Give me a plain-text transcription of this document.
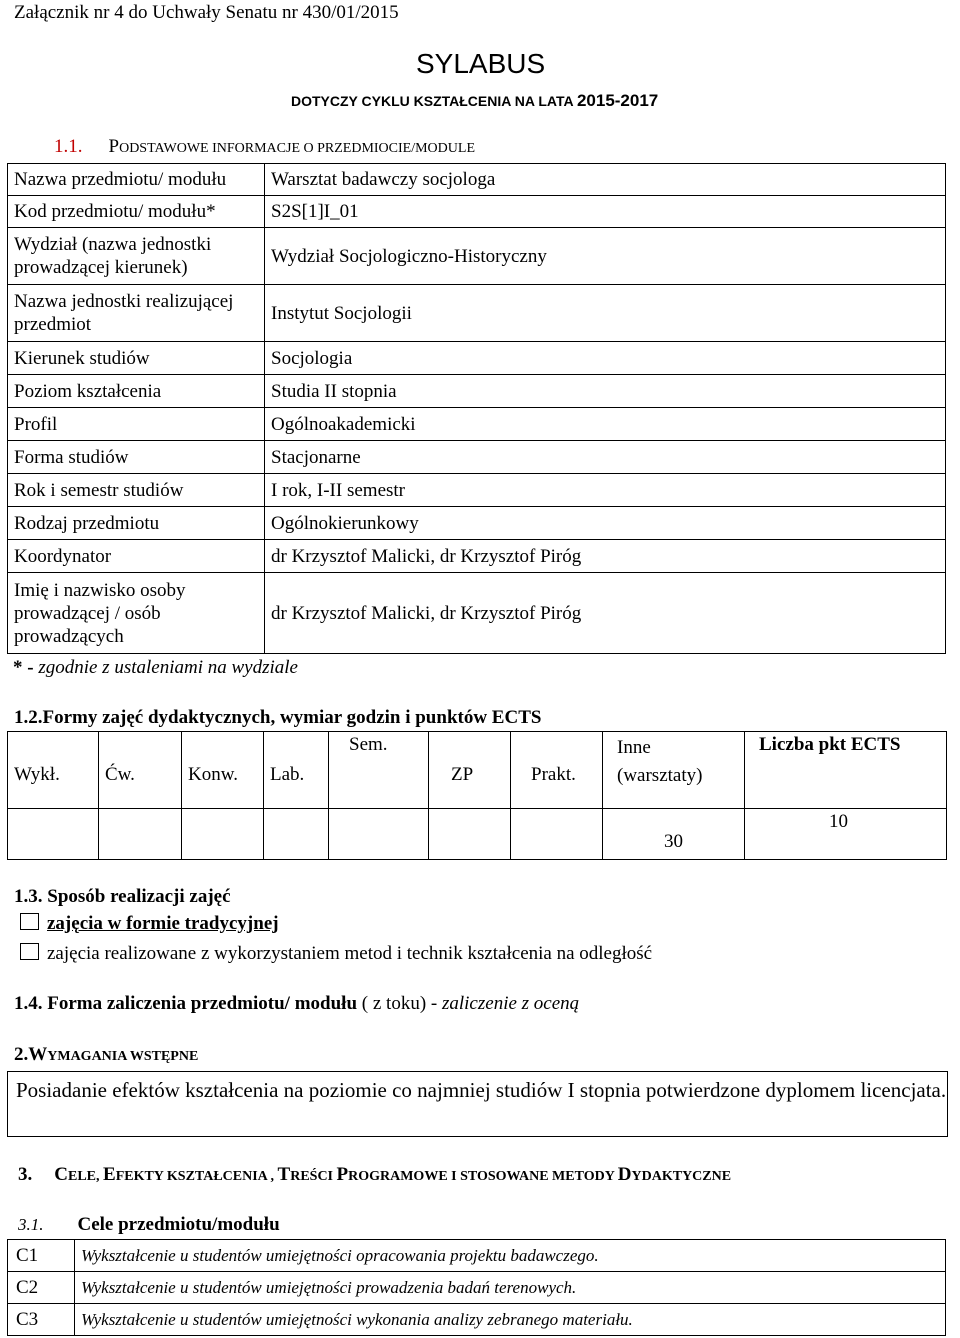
Załącznik nr 4 do Uchwały Senatu nr 430/01/2015
SYLABUS
DOTYCZY CYKLU KSZTAŁCENIA NA LATA 2015-2017
1.1. PODSTAWOWE INFORMACJE O PRZEDMIOCIE/MODULE
Nazwa przedmiotu/ modułu	Warsztat badawczy socjologa
Kod przedmiotu/ modułu*	S2S[1]I_01
Wydział (nazwa jednostki prowadzącej kierunek)	Wydział Socjologiczno-Historyczny
Nazwa jednostki realizującej przedmiot	Instytut Socjologii
Kierunek studiów	Socjologia
Poziom kształcenia	Studia II stopnia
Profil	Ogólnoakademicki
Forma studiów	Stacjonarne
Rok i semestr studiów	I rok, I-II semestr
Rodzaj przedmiotu	Ogólnokierunkowy
Koordynator	dr Krzysztof Malicki, dr Krzysztof Piróg
Imię i nazwisko osoby prowadzącej / osób prowadzących	dr Krzysztof Malicki, dr Krzysztof Piróg
* - zgodnie z ustaleniami na wydziale
1.2.Formy zajęć dydaktycznych, wymiar godzin i punktów ECTS
Wykł.	Ćw.	Konw.	Lab.	Sem.	ZP	Prakt.	Inne (warsztaty)	Liczba pkt ECTS
							30	10
1.3. Sposób realizacji zajęć
zajęcia w formie tradycyjnej
zajęcia realizowane z wykorzystaniem metod i technik kształcenia na odległość
1.4. Forma zaliczenia przedmiotu/ modułu ( z toku) - zaliczenie z oceną
2.WYMAGANIA WSTĘPNE
Posiadanie efektów kształcenia na poziomie co najmniej studiów I stopnia potwierdzone dyplomem licencjata.
3. CELE, EFEKTY KSZTAŁCENIA , TREŚCI PROGRAMOWE I STOSOWANE METODY DYDAKTYCZNE
3.1. Cele przedmiotu/modułu
C1	Wykształcenie u studentów umiejętności opracowania projektu badawczego.
C2	Wykształcenie u studentów umiejętności prowadzenia badań terenowych.
C3	Wykształcenie u studentów umiejętności wykonania analizy zebranego materiału.
